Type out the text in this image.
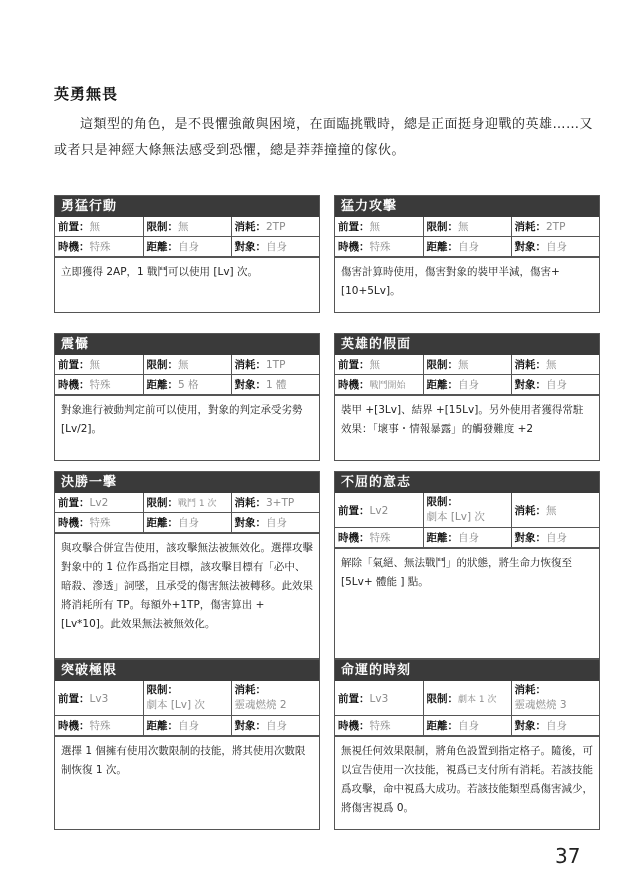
英勇無畏

這類型的角色，是不畏懼強敵與困境，在面臨挑戰時，總是正面挺身迎戰的英雄……又或者只是神經大條無法感受到恐懼，總是莽莽撞撞的傢伙。

勇猛行動
前置：無	限制：無	消耗：2TP
時機：特殊	距離：自身	對象：自身
立即獲得 2AP，1 戰鬥可以使用 [Lv] 次。
猛力攻擊
前置：無	限制：無	消耗：2TP
時機：特殊	距離：自身	對象：自身
傷害計算時使用，傷害對象的裝甲半減，傷害+[10+5Lv]。
震懾
前置：無	限制：無	消耗：1TP
時機：特殊	距離：5 格	對象：1 體
對象進行被動判定前可以使用，對象的判定承受劣勢 [Lv/2]。
英雄的假面
前置：無	限制：無	消耗：無
時機：戰鬥開始	距離：自身	對象：自身
裝甲 +[3Lv]、結界 +[15Lv]。另外使用者獲得常駐效果：「壞事・情報暴露」的觸發難度 +2
決勝一擊
前置：Lv2	限制：戰鬥 1 次	消耗：3+TP
時機：特殊	距離：自身	對象：自身
與攻擊合併宣告使用，該攻擊無法被無效化。選擇攻擊對象中的 1 位作爲指定目標，該攻擊目標有「必中、暗殺、滲透」詞墜，且承受的傷害無法被轉移。此效果將消耗所有 TP。每額外+1TP，傷害算出 +[Lv*10]。此效果無法被無效化。
不屈的意志
前置：Lv2	限制：
劇本 [Lv] 次	消耗：無
時機：特殊	距離：自身	對象：自身
解除「氣絕、無法戰鬥」的狀態，將生命力恢復至 [5Lv+ 體能 ] 點。
突破極限
前置：Lv3	限制：
劇本 [Lv] 次	消耗：
靈魂燃燒 2

時機：特殊	距離：自身	對象：自身
選擇 1 個擁有使用次數限制的技能，將其使用次數限制恢復 1 次。
命運的時刻
前置：Lv3	限制：劇本 1 次	消耗：
靈魂燃燒 3

時機：特殊	距離：自身	對象：自身
無視任何效果限制，將角色設置到指定格子。隨後，可以宣告使用一次技能，視爲已支付所有消耗。若該技能爲攻擊，命中視爲大成功。若該技能類型爲傷害減少，將傷害視爲 0。
37
